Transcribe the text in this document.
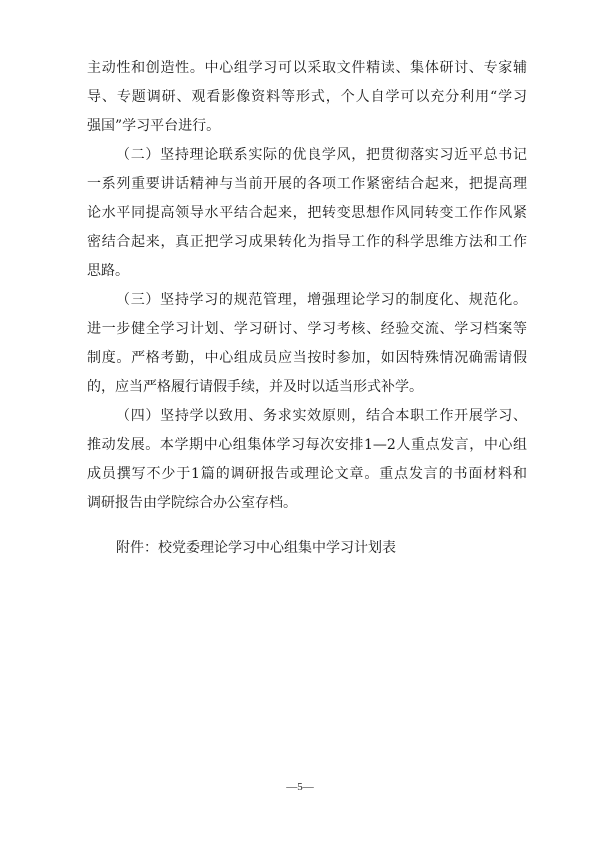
主动性和创造性。中心组学习可以采取文件精读、集体研讨、专家辅
导、专题调研、观看影像资料等形式，个人自学可以充分利用“学习
强国”学习平台进行。
（二）坚持理论联系实际的优良学风，把贯彻落实习近平总书记
一系列重要讲话精神与当前开展的各项工作紧密结合起来，把提高理
论水平同提高领导水平结合起来，把转变思想作风同转变工作作风紧
密结合起来，真正把学习成果转化为指导工作的科学思维方法和工作
思路。
（三）坚持学习的规范管理，增强理论学习的制度化、规范化。
进一步健全学习计划、学习研讨、学习考核、经验交流、学习档案等
制度。严格考勤，中心组成员应当按时参加，如因特殊情况确需请假
的，应当严格履行请假手续，并及时以适当形式补学。
（四）坚持学以致用、务求实效原则，结合本职工作开展学习、
推动发展。本学期中心组集体学习每次安排1—2人重点发言，中心组
成员撰写不少于1篇的调研报告或理论文章。重点发言的书面材料和
调研报告由学院综合办公室存档。
附件：校党委理论学习中心组集中学习计划表
—5—
